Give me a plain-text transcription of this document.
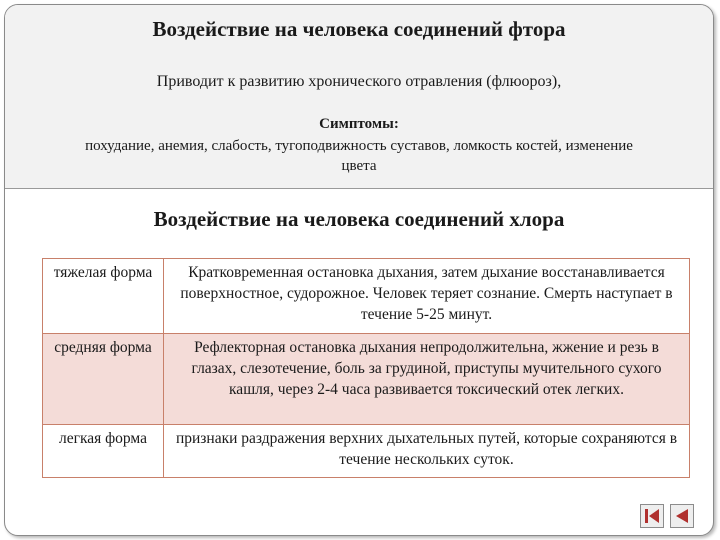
Воздействие на человека соединений фтора
Приводит к развитию хронического отравления (флюороз),
Симптомы:
похудание, анемия, слабость, тугоподвижность суставов, ломкость костей, изменение цвета
Воздействие на человека соединений хлора
тяжелая форма	Кратковременная остановка дыхания, затем дыхание восстанавливается поверхностное, судорожное. Человек теряет сознание. Смерть наступает в течение 5-25 минут.
средняя форма	Рефлекторная остановка дыхания непродолжительна, жжение и резь в глазах, слезотечение, боль за грудиной, приступы мучительного сухого кашля, через 2-4 часа развивается токсический отек легких.
легкая форма	признаки раздражения верхних дыхательных путей, которые сохраняются в течение нескольких суток.
